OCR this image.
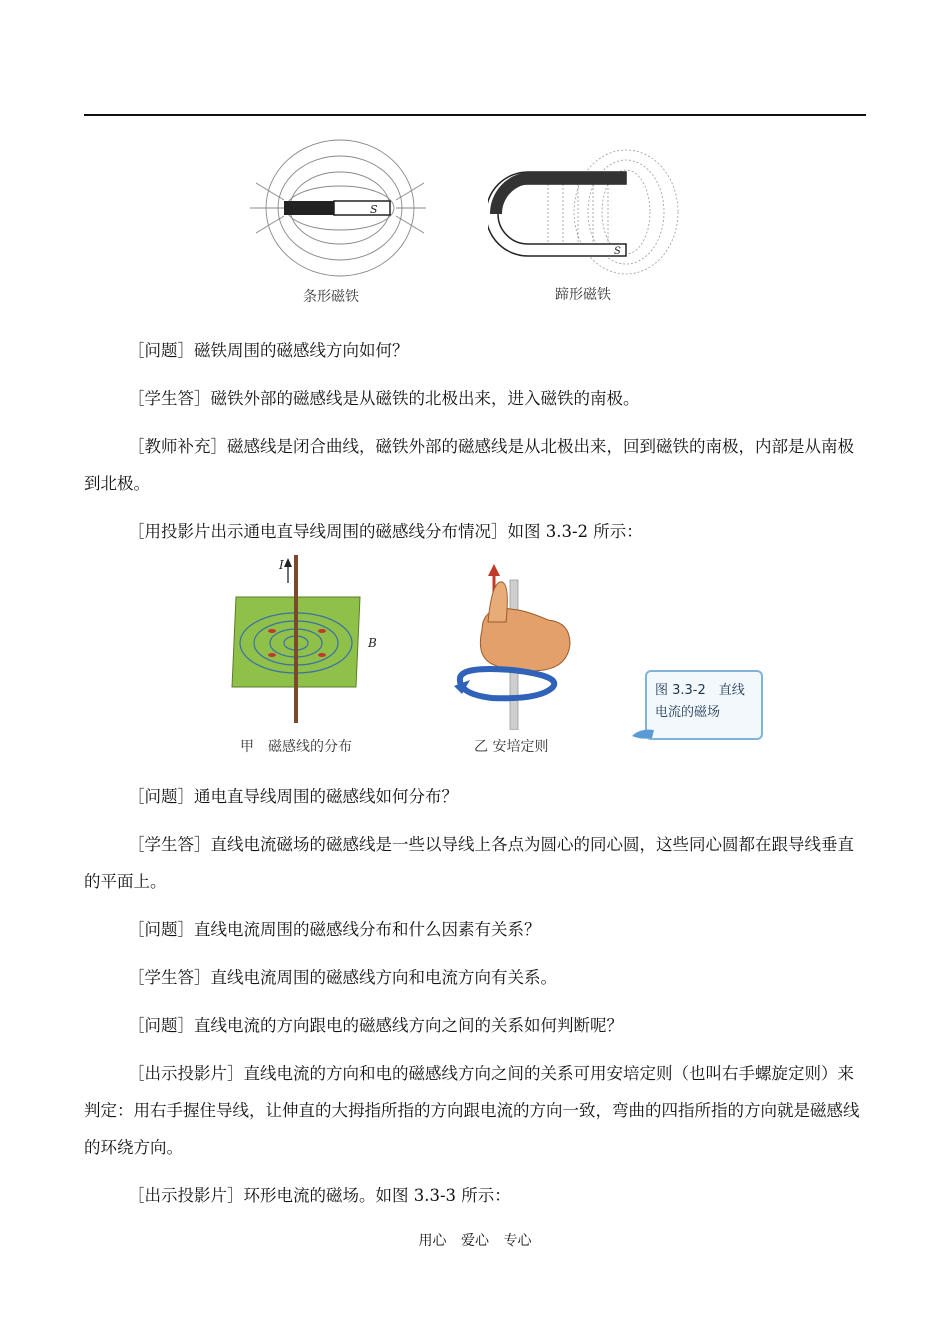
S
条形磁铁
S
蹄形磁铁

［问题］磁铁周围的磁感线方向如何？

［学生答］磁铁外部的磁感线是从磁铁的北极出来，进入磁铁的南极。

［教师补充］磁感线是闭合曲线，磁铁外部的磁感线是从北极出来，回到磁铁的南极，内部是从南极到北极。

［用投影片出示通电直导线周围的磁感线分布情况］如图 3.3-2 所示：

I
B
甲　磁感线的分布	乙 安培定则
图 3.3-2　直线
电流的磁场

［问题］通电直导线周围的磁感线如何分布？

［学生答］直线电流磁场的磁感线是一些以导线上各点为圆心的同心圆，这些同心圆都在跟导线垂直的平面上。

［问题］直线电流周围的磁感线分布和什么因素有关系？

［学生答］直线电流周围的磁感线方向和电流方向有关系。

［问题］直线电流的方向跟电的磁感线方向之间的关系如何判断呢？

［出示投影片］直线电流的方向和电的磁感线方向之间的关系可用安培定则（也叫右手螺旋定则）来判定：用右手握住导线，让伸直的大拇指所指的方向跟电流的方向一致，弯曲的四指所指的方向就是磁感线的环绕方向。

［出示投影片］环形电流的磁场。如图 3.3-3 所示：

用心 爱心 专心
